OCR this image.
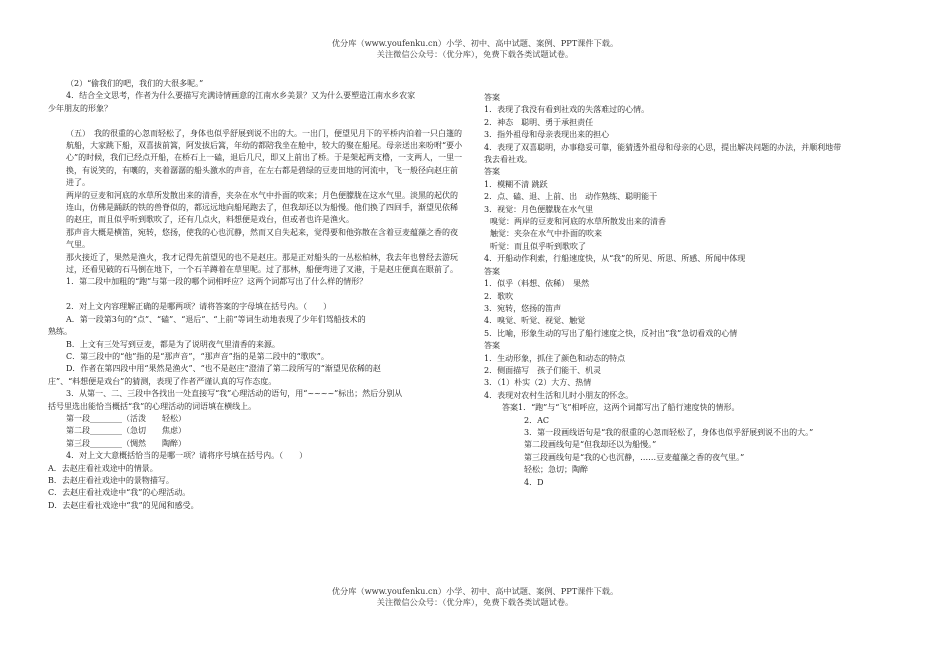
优分库（www.youfenku.cn）小学、初中、高中试题、案例、PPT课件下载。
关注微信公众号：（优分库），免费下载各类试题试卷。

（2）“偷我们的吧，我们的大很多呢。”

4．结合全文思考，作者为什么要描写充满诗情画意的江南水乡美景？又为什么要塑造江南水乡农家

少年朋友的形象？

（五）　我的很重的心忽而轻松了，身体也似乎舒展到说不出的大。一出门，便望见月下的平桥内泊着一只白篷的航船，大家跳下船，双喜拔前篙，阿发拔后篙，年幼的都陪我坐在舱中，较大的聚在船尾。母亲送出来吩咐“要小心”的时候，我们已经点开船，在桥石上一磕，退后几尺，即又上前出了桥。于是架起两支橹，一支两人，一里一换，有说笑的，有嚷的，夹着潺潺的船头激水的声音，在左右都是碧绿的豆麦田地的河流中，飞一般径向赵庄前进了。

两岸的豆麦和河底的水草所发散出来的清香，夹杂在水气中扑面的吹来；月色便朦胧在这水气里。淡黑的起伏的连山，仿佛是踊跃的铁的兽脊似的，都远远地向船尾跑去了，但我却还以为船慢。他们换了四回手，渐望见依稀的赵庄，而且似乎听到歌吹了，还有几点火，料想便是戏台，但或者也许是渔火。

那声音大概是横笛，宛转，悠扬，使我的心也沉静，然而又自失起来，觉得要和他弥散在含着豆麦蕴藻之香的夜气里。

那火接近了，果然是渔火，我才记得先前望见的也不是赵庄。那是正对船头的一丛松柏林，我去年也曾经去游玩过，还看见破的石马倒在地下，一个石羊蹲着在草里呢。过了那林，船便弯进了叉港，于是赵庄便真在眼前了。

1．第二段中加粗的“跑”与第一段的哪个词相呼应？这两个词都写出了什么样的情形？

2．对上文内容理解正确的是哪两项？请将答案的字母填在括号内。（　　）

A．第一段第3句的“点”、“磕”、“退后”、“上前”等词生动地表现了少年们驾船技术的

熟练。

B．上文有三处写到豆麦，都是为了说明夜气里清香的来源。

C．第三段中的“他”指的是“那声音”，“那声音”指的是第二段中的“歌吹”。

D．作者在第四段中用“果然是渔火”、“也不是赵庄”澄清了第二段所写的“渐望见依稀的赵

庄”、“料想便是戏台”的猜测，表现了作者严谨认真的写作态度。

3．从第一、二、三段中各找出一处直接写“我”心理活动的语句，用“~~~~”标出；然后分别从

括号里选出能恰当概括“我”的心理活动的词语填在横线上。

第一段________（活泼　　轻松）

第二段________（急切　　焦虑）

第三段________（惆然　　陶醉）

4．对上文大意概括恰当的是哪一项？请将序号填在括号内。（　　）

A．去赵庄看社戏途中的情景。

B．去赵庄看社戏途中的景物描写。

C．去赵庄看社戏途中“我”的心理活动。

D．去赵庄看社戏途中“我”的见闻和感受。

答案

1．表现了我没有看到社戏的失落难过的心情。

2．神态　聪明、勇于承担责任

3．指外祖母和母亲表现出来的担心

4．表现了双喜聪明，办事稳妥可靠，能猜透外祖母和母亲的心思，提出解决问题的办法，并顺利地带

我去看社戏。

答案

1．模糊不清 跳跃

2．点、磕、退、上前、出　动作熟练、聪明能干

3．视觉：月色便朦胧在水气里

嗅觉：两岸的豆麦和河底的水草所散发出来的清香

触觉：夹杂在水气中扑面的吹来

听觉：而且似乎听到歌吹了

4．开船动作利索，行船速度快，从“我”的所见、所思、所感、所闻中体现

答案

1．似乎（料想、依稀）　果然

2．歌吹

3．宛转，悠扬的笛声

4．嗅觉、听觉、视觉、触觉

5．比喻，形象生动的写出了船行速度之快，反衬出“我”急切看戏的心情

答案

1．生动形象，抓住了颜色和动态的特点

2．侧面描写　孩子们能干、机灵

3．（1）朴实（2）大方、热情

4．表现对农村生活和儿时小朋友的怀念。

答案1．“跑”与“飞”相呼应，这两个词都写出了船行速度快的情形。

2．AC

3．第一段画线语句是“我的很重的心忽而轻松了，身体也似乎舒展到说不出的大。”

第二段画线句是“但我却还以为船慢。”

第三段画线句是“我的心也沉静，……豆麦蕴藻之香的夜气里。”

轻松；急切；陶醉

4．D

优分库（www.youfenku.cn）小学、初中、高中试题、案例、PPT课件下载。
关注微信公众号：（优分库），免费下载各类试题试卷。
